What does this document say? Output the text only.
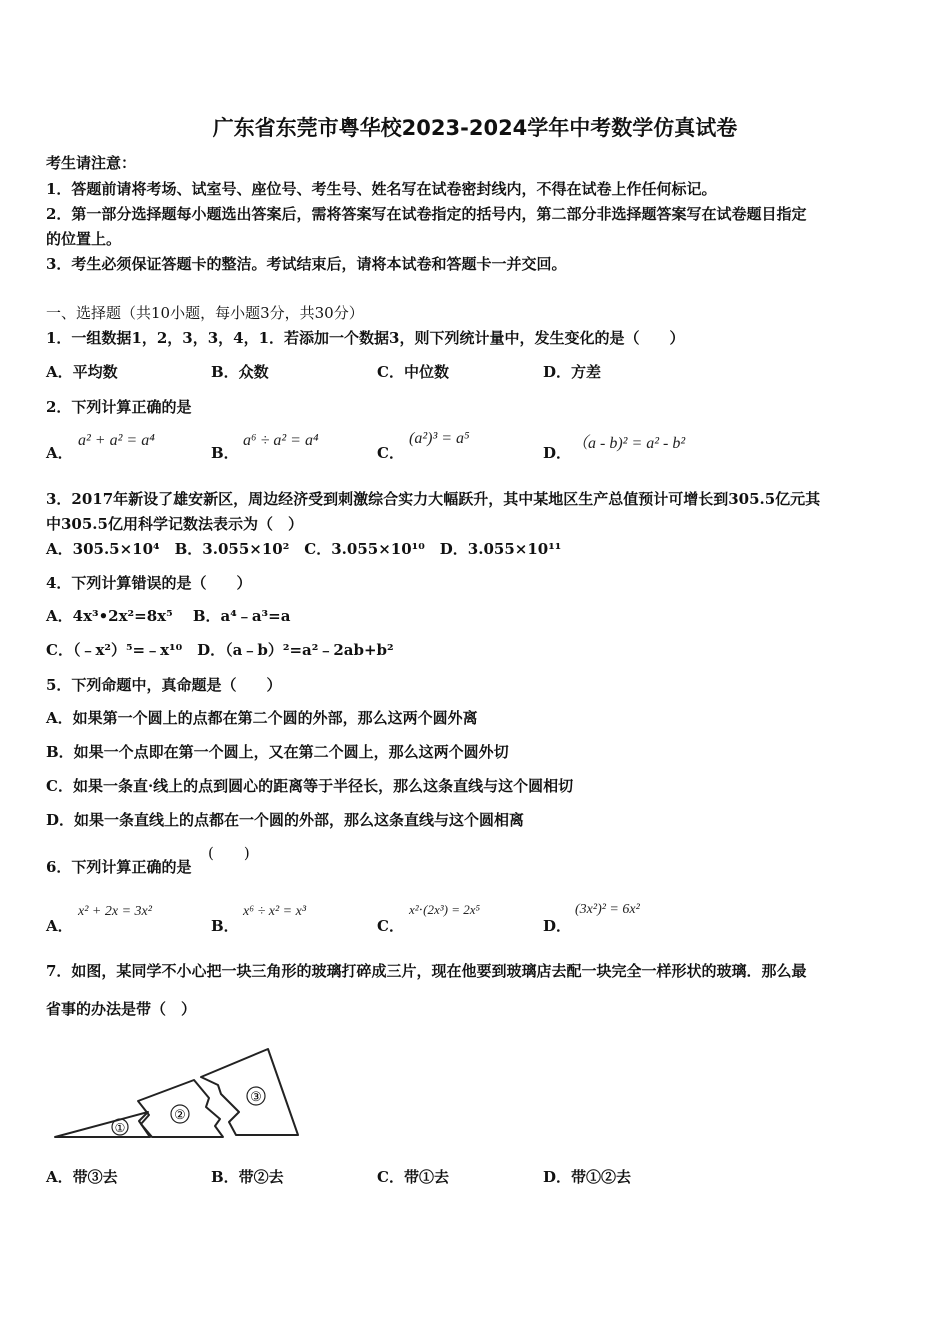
广东省东莞市粤华校2023-2024学年中考数学仿真试卷
考生请注意：
1．答题前请将考场、试室号、座位号、考生号、姓名写在试卷密封线内，不得在试卷上作任何标记。
2．第一部分选择题每小题选出答案后，需将答案写在试卷指定的括号内，第二部分非选择题答案写在试卷题目指定
的位置上。
3．考生必须保证答题卡的整洁。考试结束后，请将本试卷和答题卡一并交回。
一、选择题（共10小题，每小题3分，共30分）
1．一组数据1，2，3，3，4，1．若添加一个数据3，则下列统计量中，发生变化的是（　　）
A．平均数	B．众数	C．中位数	D．方差
2．下列计算正确的是
A．
a² + a² = a⁴
B．
a⁶ ÷ a² = a⁴
C．
(a²)³ = a⁵
D．
（a - b)² = a² - b²
3．2017年新设了雄安新区，周边经济受到刺激综合实力大幅跃升，其中某地区生产总值预计可增长到305.5亿元其
中305.5亿用科学记数法表示为（　）
A．305.5×10⁴　B．3.055×10²　C．3.055×10¹⁰　D．3.055×10¹¹
4．下列计算错误的是（　　）
A．4x³•2x²=8x⁵　 B．a⁴﹣a³=a
C．（﹣x²）⁵=﹣x¹⁰　D．（a﹣b）²=a²﹣2ab+b²
5．下列命题中，真命题是（　　）
A．如果第一个圆上的点都在第二个圆的外部，那么这两个圆外离
B．如果一个点即在第一个圆上，又在第二个圆上，那么这两个圆外切
C．如果一条直·线上的点到圆心的距离等于半径长，那么这条直线与这个圆相切
D．如果一条直线上的点都在一个圆的外部，那么这条直线与这个圆相离
6．下列计算正确的是
(　　)
A．
x² + 2x = 3x²
B．
x⁶ ÷ x² = x³
C．
x²⋅(2x³) = 2x⁵
D．
(3x²)² = 6x²
7．如图，某同学不小心把一块三角形的玻璃打碎成三片，现在他要到玻璃店去配一块完全一样形状的玻璃．那么最
省事的办法是带（　）
①
②
③
A．带③去	B．带②去	C．带①去	D．带①②去
